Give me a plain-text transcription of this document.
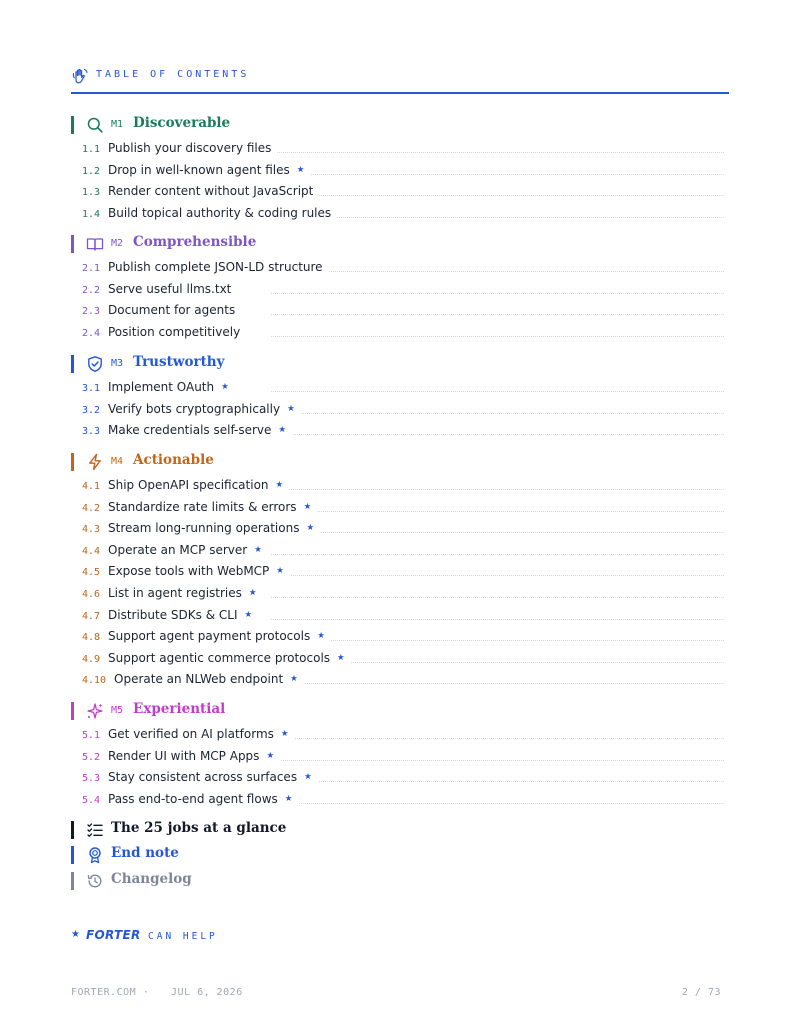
TABLE OF CONTENTS
M1 Discoverable
1.1 Publish your discovery files
1.2 Drop in well-known agent files ★
1.3 Render content without JavaScript
1.4 Build topical authority & coding rules
M2 Comprehensible
2.1 Publish complete JSON-LD structure
2.2 Serve useful llms.txt
2.3 Document for agents
2.4 Position competitively
M3 Trustworthy
3.1 Implement OAuth ★
3.2 Verify bots cryptographically ★
3.3 Make credentials self-serve ★
M4 Actionable
4.1 Ship OpenAPI specification ★
4.2 Standardize rate limits & errors ★
4.3 Stream long-running operations ★
4.4 Operate an MCP server ★
4.5 Expose tools with WebMCP ★
4.6 List in agent registries ★
4.7 Distribute SDKs & CLI ★
4.8 Support agent payment protocols ★
4.9 Support agentic commerce protocols ★
4.10 Operate an NLWeb endpoint ★
M5 Experiential
5.1 Get verified on AI platforms ★
5.2 Render UI with MCP Apps ★
5.3 Stay consistent across surfaces ★
5.4 Pass end-to-end agent flows ★
The 25 jobs at a glance
End note
Changelog
★ FORTER CAN HELP
FORTER.COM · JUL 6, 2026	2 / 73
